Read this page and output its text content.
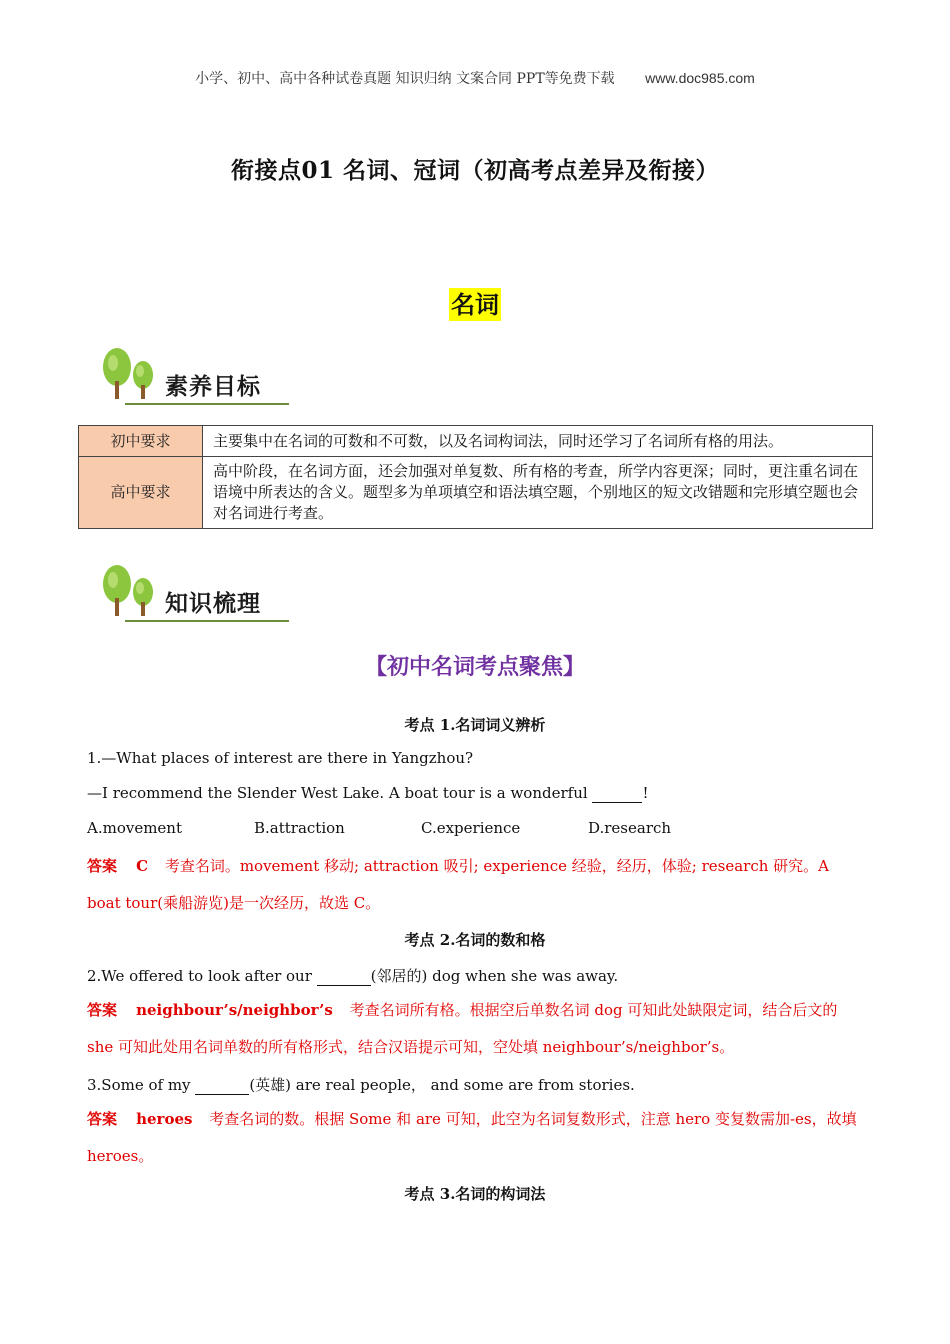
小学、初中、高中各种试卷真题 知识归纳 文案合同 PPT等免费下载 www.doc985.com
衔接点01 名词、冠词（初高考点差异及衔接）
名词
素养目标
初中要求	主要集中在名词的可数和不可数，以及名词构词法，同时还学习了名词所有格的用法。
高中要求	高中阶段，在名词方面，还会加强对单复数、所有格的考查，所学内容更深；同时，更注重名词在语境中所表达的含义。题型多为单项填空和语法填空题，个别地区的短文改错题和完形填空题也会对名词进行考查。
知识梳理
【初中名词考点聚焦】
考点 1.名词词义辨析
1.—What places of interest are there in Yangzhou?
—I recommend the Slender West Lake. A boat tour is a wonderful	!
A.movement	B.attraction	C.experience	D.research
答案 C 考查名词。movement 移动; attraction 吸引; experience 经验，经历，体验; research 研究。A boat tour(乘船游览)是一次经历，故选 C。
考点 2.名词的数和格
2.We offered to look after our	(邻居的) dog when she was away.
答案 neighbour’s/neighbor’s 考查名词所有格。根据空后单数名词 dog 可知此处缺限定词，结合后文的 she 可知此处用名词单数的所有格形式，结合汉语提示可知，空处填 neighbour’s/neighbor’s。
3.Some of my	(英雄) are real people， and some are from stories.
答案 heroes 考查名词的数。根据 Some 和 are 可知，此空为名词复数形式，注意 hero 变复数需加-es，故填 heroes。
考点 3.名词的构词法
